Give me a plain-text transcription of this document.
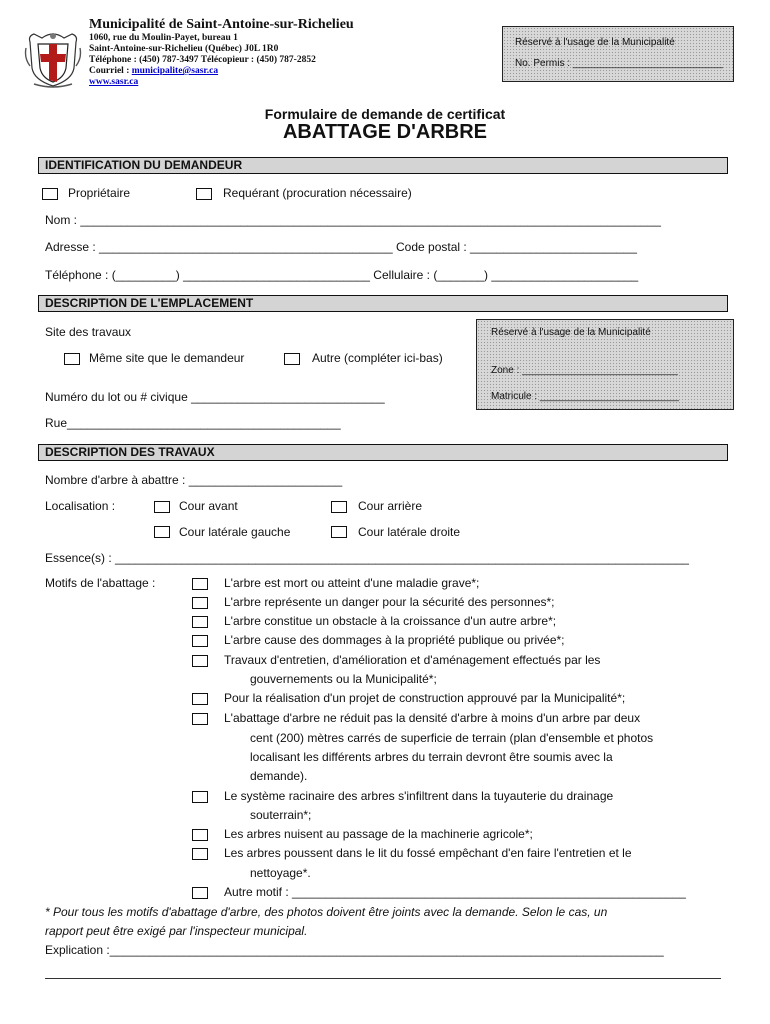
Municipalité de Saint-Antoine-sur-Richelieu
1060, rue du Moulin-Payet, bureau 1
Saint-Antoine-sur-Richelieu (Québec) J0L 1R0
Téléphone : (450) 787-3497 Télécopieur : (450) 787-2852
Courriel : municipalite@sasr.ca
www.sasr.ca
Réservé à l'usage de la Municipalité
No. Permis : ___________________________
Formulaire de demande de certificat
ABATTAGE D'ARBRE
IDENTIFICATION DU DEMANDEUR
Propriétaire	Requérant (procuration nécessaire)
Nom : _______________________________________________________________________________________
Adresse : ____________________________________________ Code postal : _________________________
Téléphone : (_________) ____________________________ Cellulaire : (_______) ______________________
DESCRIPTION DE L'EMPLACEMENT
Site des travaux
Même site que le demandeur	Autre (compléter ici-bas)
Numéro du lot ou # civique _____________________________
Rue_________________________________________
Réservé à l'usage de la Municipalité
Zone : ____________________________
Matricule : _________________________
DESCRIPTION DES TRAVAUX
Nombre d'arbre à abattre : _______________________
Localisation :	Cour avant	Cour arrière
Cour latérale gauche	Cour latérale droite
Essence(s) : ______________________________________________________________________________________
Motifs de l'abattage :	L'arbre est mort ou atteint d'une maladie grave*;
L'arbre représente un danger pour la sécurité des personnes*;
L'arbre constitue un obstacle à la croissance d'un autre arbre*;
L'arbre cause des dommages à la propriété publique ou privée*;
Travaux d'entretien, d'amélioration et d'aménagement effectués par les
gouvernements ou la Municipalité*;
Pour la réalisation d'un projet de construction approuvé par la Municipalité*;
L'abattage d'arbre ne réduit pas la densité d'arbre à moins d'un arbre par deux
cent (200) mètres carrés de superficie de terrain (plan d'ensemble et photos
localisant les différents arbres du terrain devront être soumis avec la
demande).
Le système racinaire des arbres s'infiltrent dans la tuyauterie du drainage
souterrain*;
Les arbres nuisent au passage de la machinerie agricole*;
Les arbres poussent dans le lit du fossé empêchant d'en faire l'entretien et le
nettoyage*.
Autre motif : ___________________________________________________________
* Pour tous les motifs d'abattage d'arbre, des photos doivent être joints avec la demande. Selon le cas, un
rapport peut être exigé par l'inspecteur municipal.
Explication :___________________________________________________________________________________
